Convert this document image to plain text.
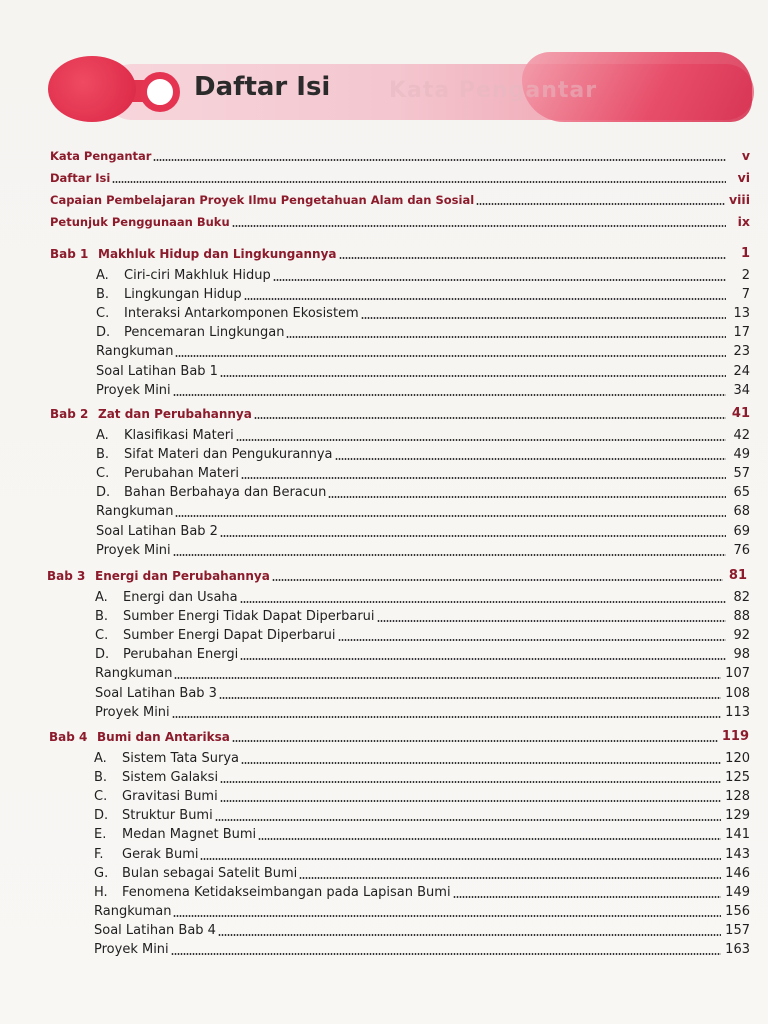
Kata Pengantar
Daftar Isi
Kata Pengantar	v
Daftar Isi	vi
Capaian Pembelajaran Proyek Ilmu Pengetahuan Alam dan Sosial	viii
Petunjuk Penggunaan Buku	ix
Bab 1 Makhluk Hidup dan Lingkungannya	1
A. Ciri-ciri Makhluk Hidup	2
B. Lingkungan Hidup	7
C. Interaksi Antarkomponen Ekosistem	13
D. Pencemaran Lingkungan	17
Rangkuman	23
Soal Latihan Bab 1	24
Proyek Mini	34
Bab 2 Zat dan Perubahannya	41
A. Klasifikasi Materi	42
B. Sifat Materi dan Pengukurannya	49
C. Perubahan Materi	57
D. Bahan Berbahaya dan Beracun	65
Rangkuman	68
Soal Latihan Bab 2	69
Proyek Mini	76
Bab 3 Energi dan Perubahannya	81
A. Energi dan Usaha	82
B. Sumber Energi Tidak Dapat Diperbarui	88
C. Sumber Energi Dapat Diperbarui	92
D. Perubahan Energi	98
Rangkuman	107
Soal Latihan Bab 3	108
Proyek Mini	113
Bab 4 Bumi dan Antariksa	119
A. Sistem Tata Surya	120
B. Sistem Galaksi	125
C. Gravitasi Bumi	128
D. Struktur Bumi	129
E. Medan Magnet Bumi	141
F. Gerak Bumi	143
G. Bulan sebagai Satelit Bumi	146
H. Fenomena Ketidakseimbangan pada Lapisan Bumi	149
Rangkuman	156
Soal Latihan Bab 4	157
Proyek Mini	163
